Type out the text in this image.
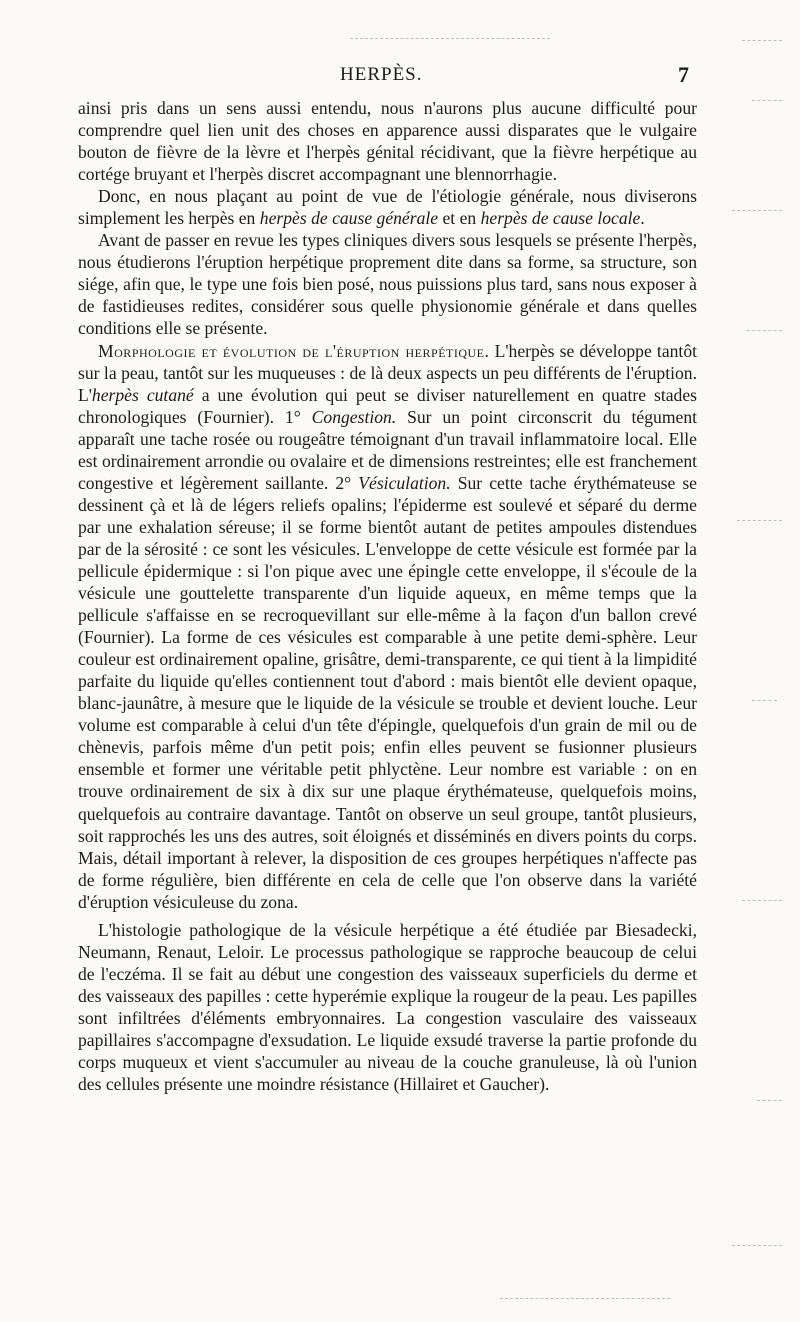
HERPÈS.	7

ainsi pris dans un sens aussi entendu, nous n'aurons plus aucune difficulté pour comprendre quel lien unit des choses en apparence aussi disparates que le vulgaire bouton de fièvre de la lèvre et l'herpès génital récidivant, que la fièvre herpétique au cortége bruyant et l'herpès discret accompagnant une blennorrhagie.

Donc, en nous plaçant au point de vue de l'étiologie générale, nous diviserons simplement les herpès en herpès de cause générale et en herpès de cause locale.

Avant de passer en revue les types cliniques divers sous lesquels se présente l'herpès, nous étudierons l'éruption herpétique proprement dite dans sa forme, sa structure, son siége, afin que, le type une fois bien posé, nous puissions plus tard, sans nous exposer à de fastidieuses redites, considérer sous quelle physionomie générale et dans quelles conditions elle se présente.

Morphologie et évolution de l'éruption herpétique. L'herpès se développe tantôt sur la peau, tantôt sur les muqueuses : de là deux aspects un peu différents de l'éruption. L'herpès cutané a une évolution qui peut se diviser naturellement en quatre stades chronologiques (Fournier). 1° Congestion. Sur un point circonscrit du tégument apparaît une tache rosée ou rougeâtre témoignant d'un travail inflammatoire local. Elle est ordinairement arrondie ou ovalaire et de dimensions restreintes; elle est franchement congestive et légèrement saillante. 2° Vésiculation. Sur cette tache érythémateuse se dessinent çà et là de légers reliefs opalins; l'épiderme est soulevé et séparé du derme par une exhalation séreuse; il se forme bientôt autant de petites ampoules distendues par de la sérosité : ce sont les vésicules. L'enveloppe de cette vésicule est formée par la pellicule épidermique : si l'on pique avec une épingle cette enveloppe, il s'écoule de la vésicule une gouttelette transparente d'un liquide aqueux, en même temps que la pellicule s'affaisse en se recroquevillant sur elle-même à la façon d'un ballon crevé (Fournier). La forme de ces vésicules est comparable à une petite demi-sphère. Leur couleur est ordinairement opaline, grisâtre, demi-transparente, ce qui tient à la limpidité parfaite du liquide qu'elles contiennent tout d'abord : mais bientôt elle devient opaque, blanc-jaunâtre, à mesure que le liquide de la vésicule se trouble et devient louche. Leur volume est comparable à celui d'un tête d'épingle, quelquefois d'un grain de mil ou de chènevis, parfois même d'un petit pois; enfin elles peuvent se fusionner plusieurs ensemble et former une véritable petit phlyctène. Leur nombre est variable : on en trouve ordinairement de six à dix sur une plaque érythémateuse, quelquefois moins, quelquefois au contraire davantage. Tantôt on observe un seul groupe, tantôt plusieurs, soit rapprochés les uns des autres, soit éloignés et disséminés en divers points du corps. Mais, détail important à relever, la disposition de ces groupes herpétiques n'affecte pas de forme régulière, bien différente en cela de celle que l'on observe dans la variété d'éruption vésiculeuse du zona.

L'histologie pathologique de la vésicule herpétique a été étudiée par Biesadecki, Neumann, Renaut, Leloir. Le processus pathologique se rapproche beaucoup de celui de l'eczéma. Il se fait au début une congestion des vaisseaux superficiels du derme et des vaisseaux des papilles : cette hyperémie explique la rougeur de la peau. Les papilles sont infiltrées d'éléments embryonnaires. La congestion vasculaire des vaisseaux papillaires s'accompagne d'exsudation. Le liquide exsudé traverse la partie profonde du corps muqueux et vient s'accumuler au niveau de la couche granuleuse, là où l'union des cellules présente une moindre résistance (Hillairet et Gaucher).
